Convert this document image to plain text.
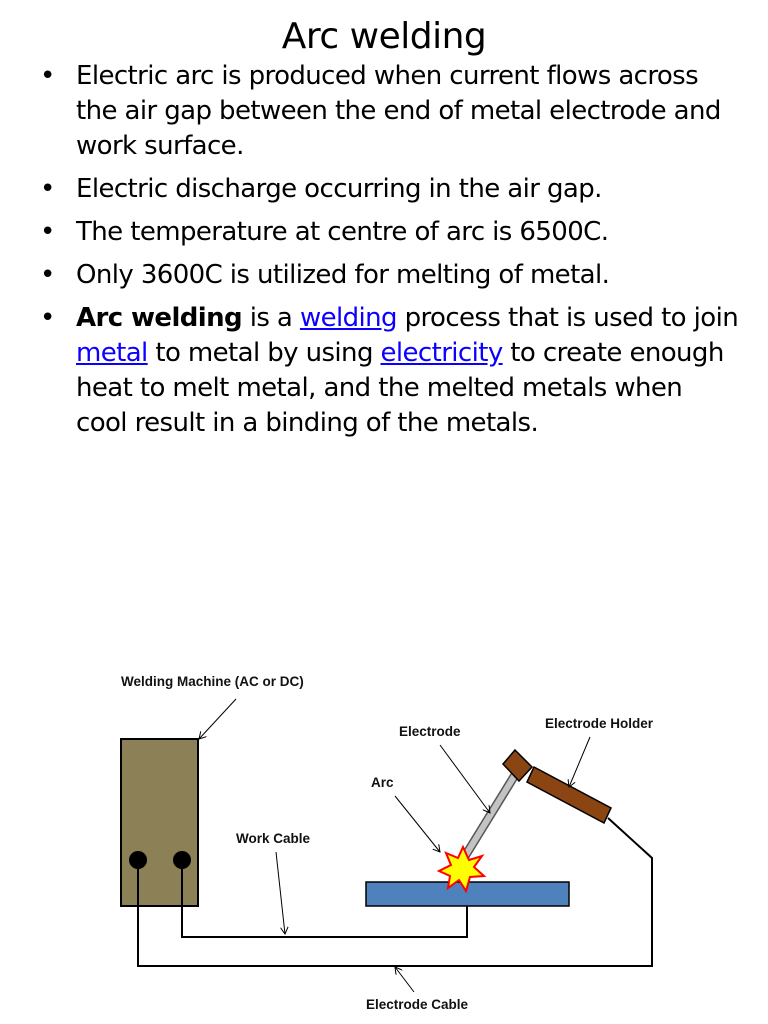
Arc welding
• Electric arc is produced when current flows across the air gap between the end of metal electrode and work surface.
• Electric discharge occurring in the air gap.
• The temperature at centre of arc is 6500C.
• Only 3600C is utilized for melting of metal.
• Arc welding is a welding process that is used to join metal to metal by using electricity to create enough heat to melt metal, and the melted metals when cool result in a binding of the metals.
Welding Machine (AC or DC)
Electrode
Electrode Holder
Arc
Work Cable
Electrode Cable
